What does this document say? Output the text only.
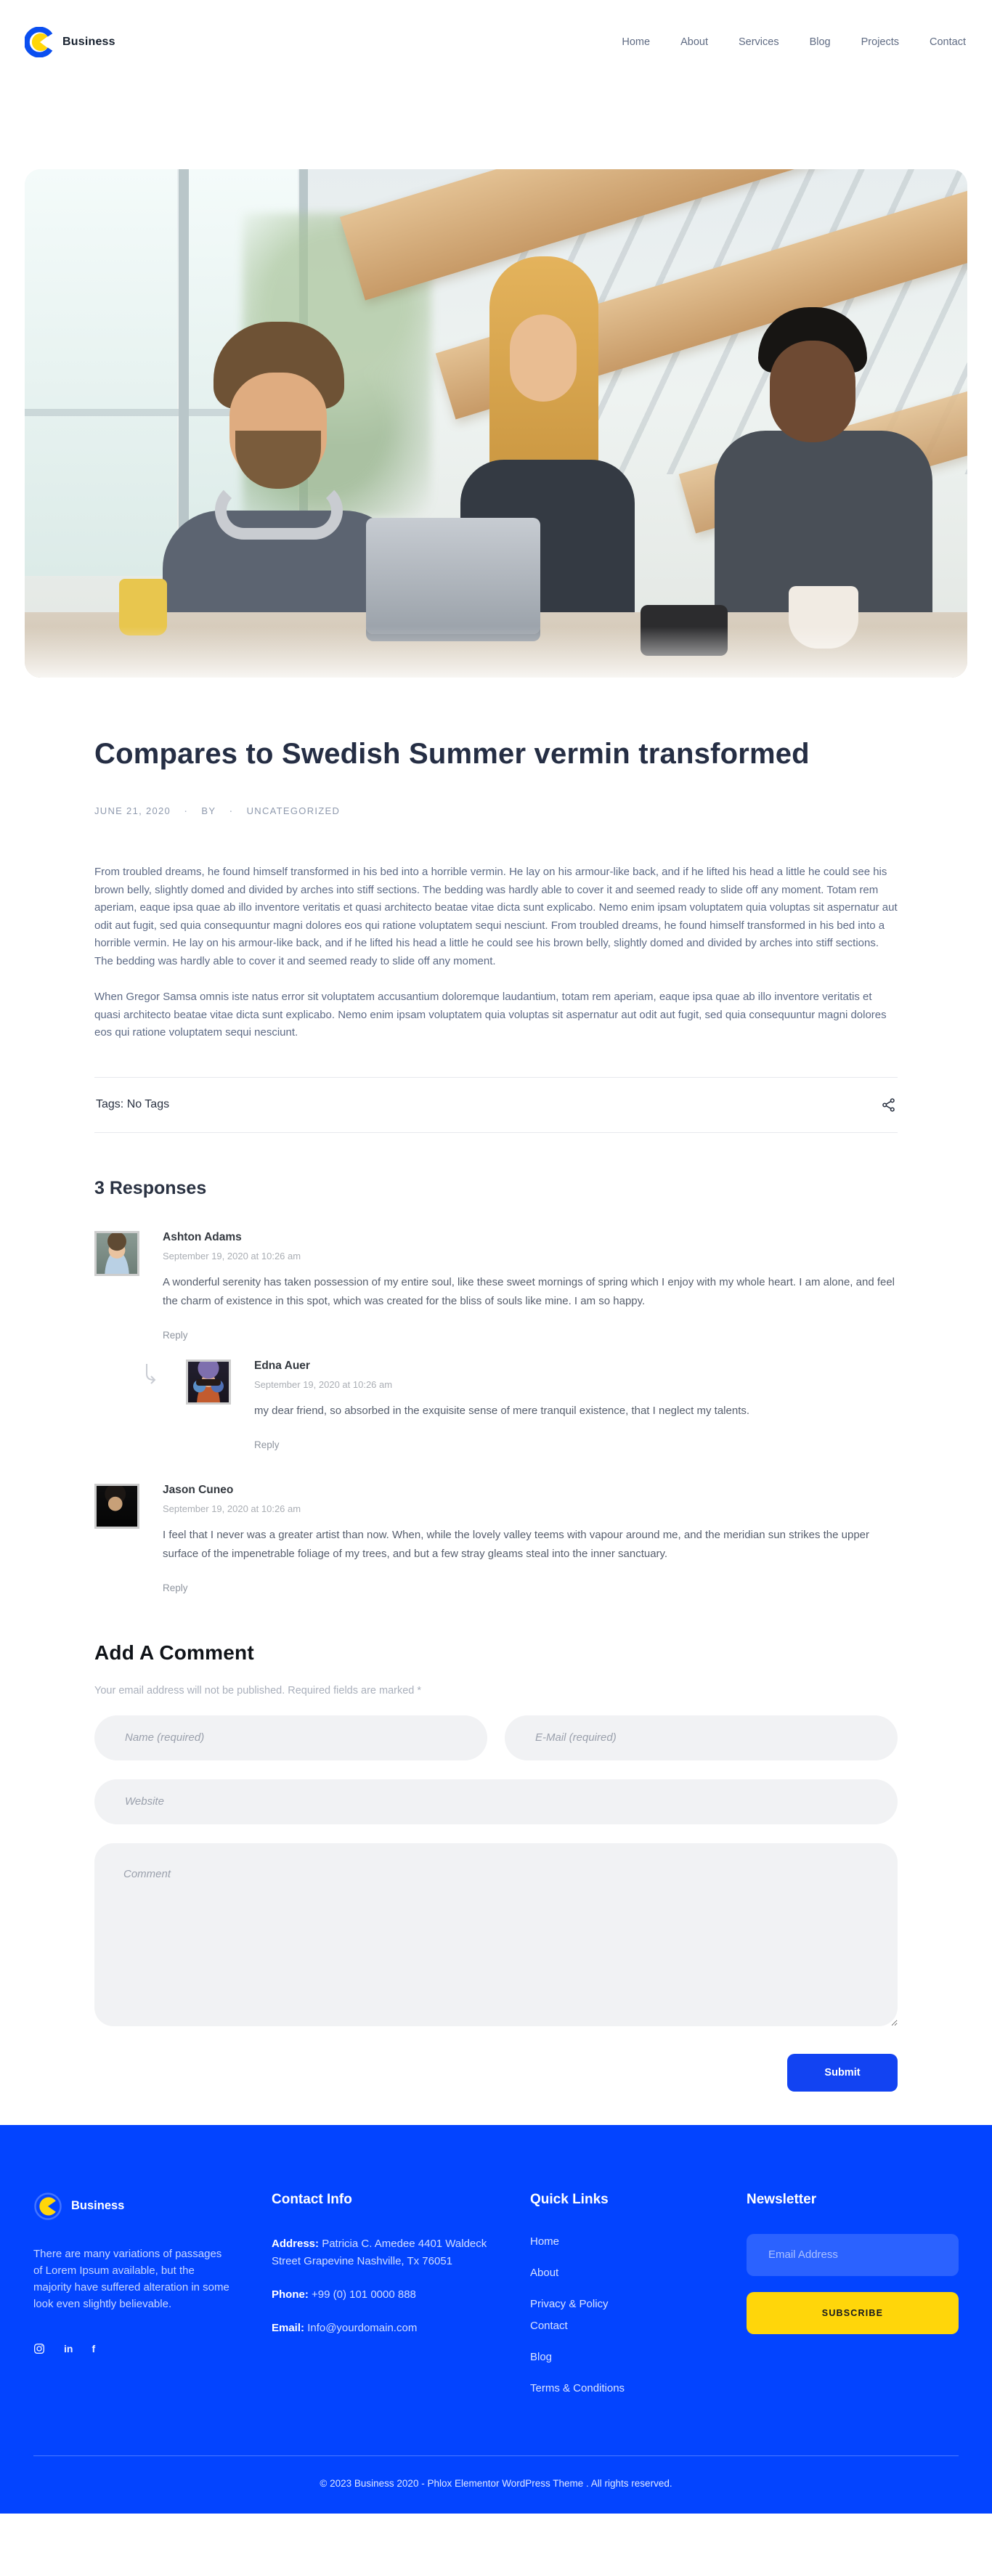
Business	Home	About	Services	Blog	Projects	Contact
Compares to Swedish Summer vermin transformed
JUNE 21, 2020 · BY · UNCATEGORIZED

From troubled dreams, he found himself transformed in his bed into a horrible vermin. He lay on his armour-like back, and if he lifted his head a little he could see his brown belly, slightly domed and divided by arches into stiff sections. The bedding was hardly able to cover it and seemed ready to slide off any moment. Totam rem aperiam, eaque ipsa quae ab illo inventore veritatis et quasi architecto beatae vitae dicta sunt explicabo. Nemo enim ipsam voluptatem quia voluptas sit aspernatur aut odit aut fugit, sed quia consequuntur magni dolores eos qui ratione voluptatem sequi nesciunt. From troubled dreams, he found himself transformed in his bed into a horrible vermin. He lay on his armour-like back, and if he lifted his head a little he could see his brown belly, slightly domed and divided by arches into stiff sections. The bedding was hardly able to cover it and seemed ready to slide off any moment.

When Gregor Samsa omnis iste natus error sit voluptatem accusantium doloremque laudantium, totam rem aperiam, eaque ipsa quae ab illo inventore veritatis et quasi architecto beatae vitae dicta sunt explicabo. Nemo enim ipsam voluptatem quia voluptas sit aspernatur aut odit aut fugit, sed quia consequuntur magni dolores eos qui ratione voluptatem sequi nesciunt.

Tags: No Tags
3 Responses
Ashton Adams
September 19, 2020 at 10:26 am
A wonderful serenity has taken possession of my entire soul, like these sweet mornings of spring which I enjoy with my whole heart. I am alone, and feel the charm of existence in this spot, which was created for the bliss of souls like mine. I am so happy.
Reply
Edna Auer
September 19, 2020 at 10:26 am
my dear friend, so absorbed in the exquisite sense of mere tranquil existence, that I neglect my talents.
Reply
Jason Cuneo
September 19, 2020 at 10:26 am
I feel that I never was a greater artist than now. When, while the lovely valley teems with vapour around me, and the meridian sun strikes the upper surface of the impenetrable foliage of my trees, and but a few stray gleams steal into the inner sanctuary.
Reply
Add A Comment
Your email address will not be published. Required fields are marked *
Name (required)
E-Mail (required)
Website
Comment
Submit
Business

There are many variations of passages of Lorem Ipsum available, but the majority have suffered alteration in some look even slightly believable.

in f
Contact Info
Address: Patricia C. Amedee 4401 Waldeck Street Grapevine Nashville, Tx 76051
Phone: +99 (0) 101 0000 888
Email: Info@yourdomain.com
Quick Links
Home
About
Privacy & Policy
Contact
Blog
Terms & Conditions
Newsletter
Email Address SUBSCRIBE
© 2023 Business 2020 - Phlox Elementor WordPress Theme . All rights reserved.
